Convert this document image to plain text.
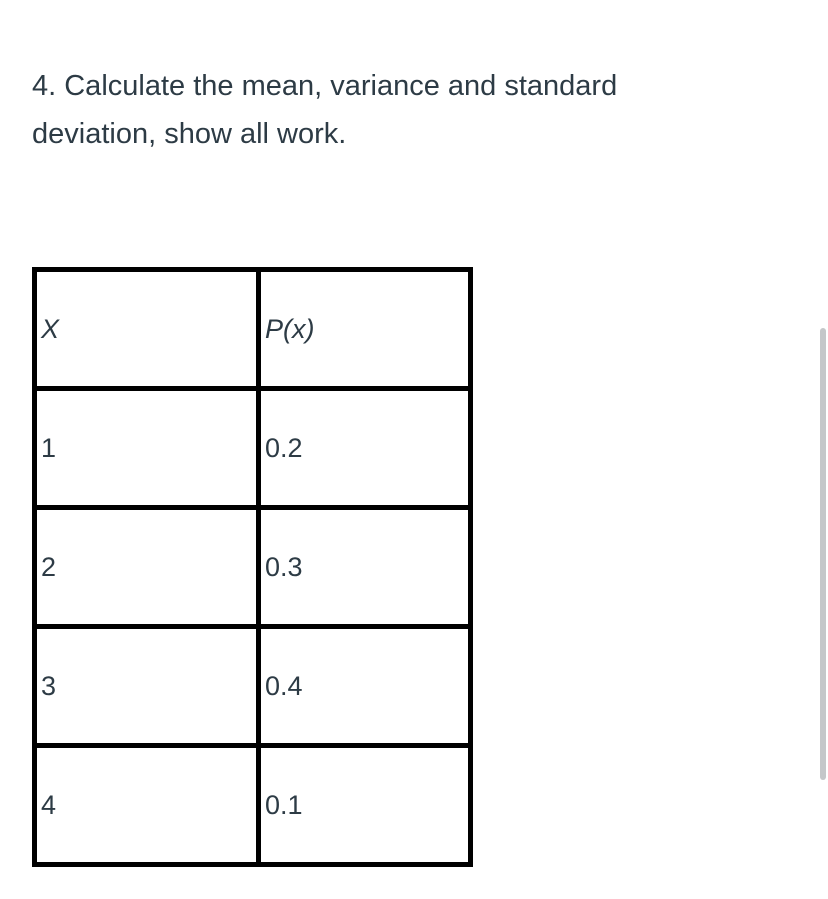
4. Calculate the mean, variance and standard deviation, show all work.

X	P(x)
1	0.2
2	0.3
3	0.4
4	0.1
